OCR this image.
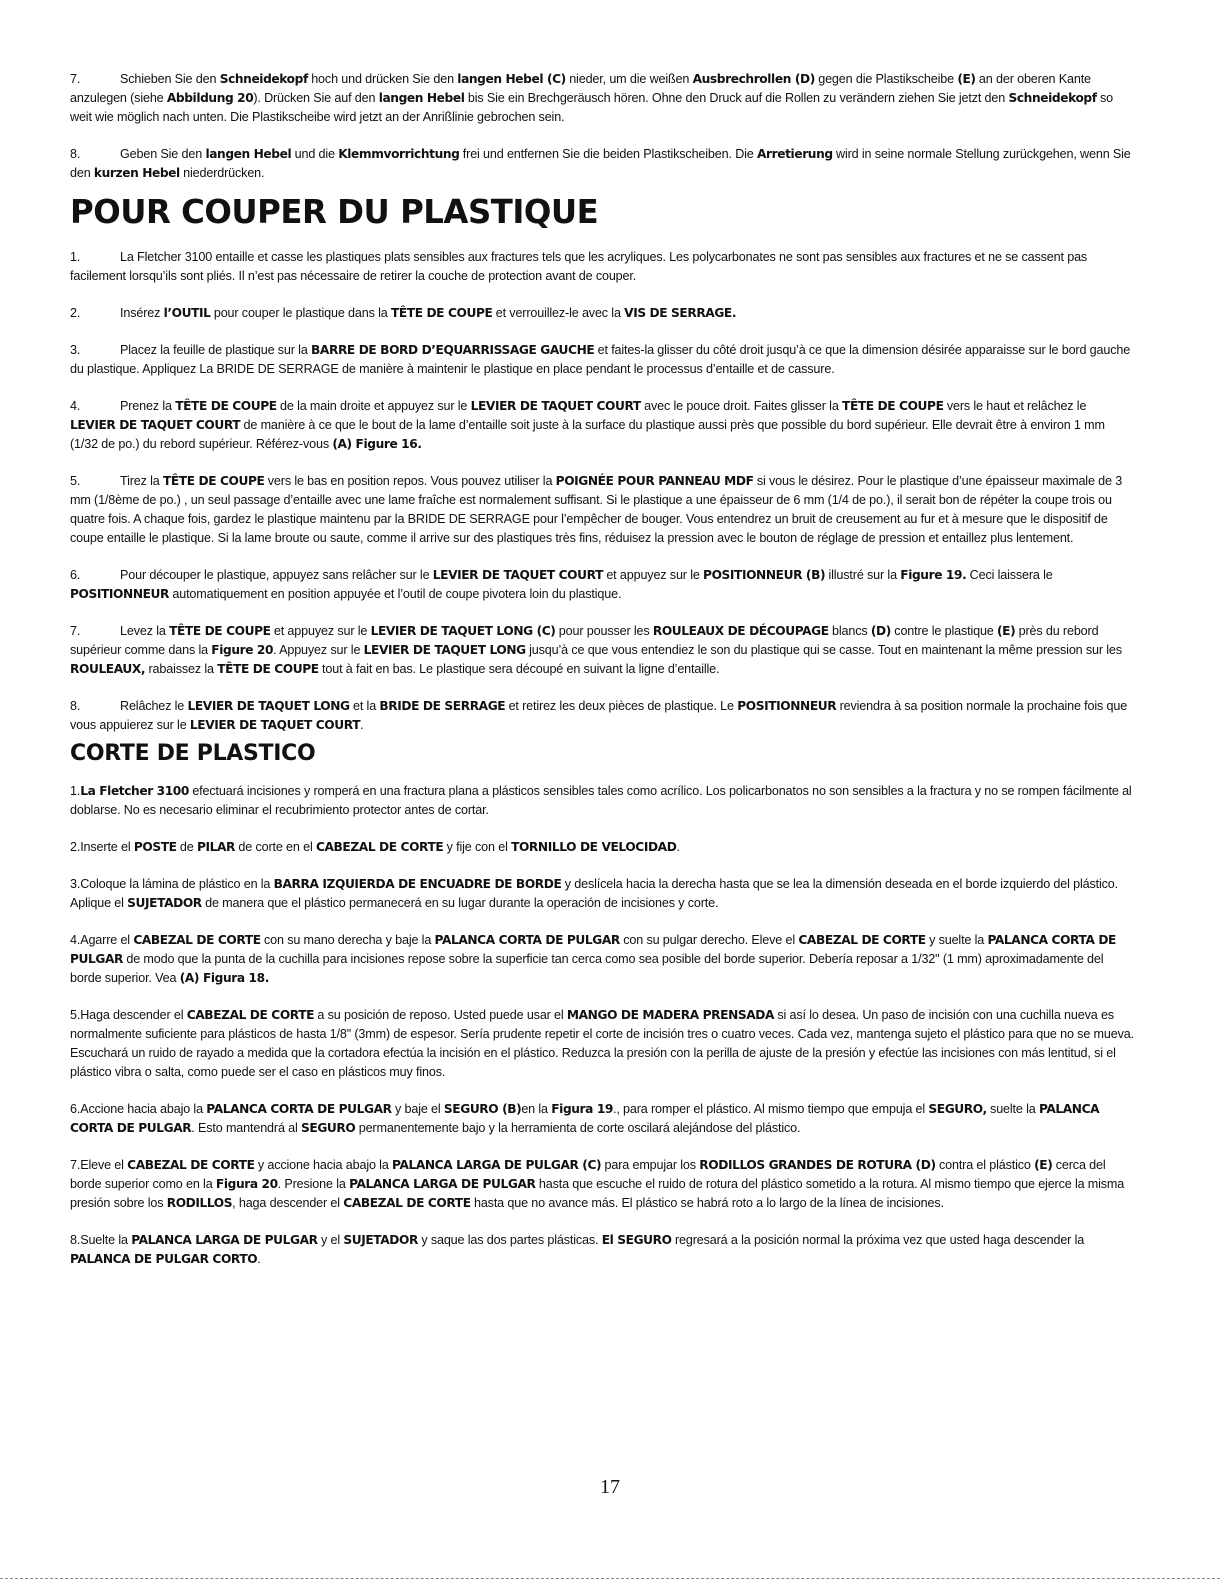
7.	Schieben Sie den Schneidekopf hoch und drücken Sie den langen Hebel (C) nieder, um die weißen Ausbrechrollen (D) gegen die Plastikscheibe (E) an der oberen Kante anzulegen (siehe Abbildung 20). Drücken Sie auf den langen Hebel bis Sie ein Brechgeräusch hören. Ohne den Druck auf die Rollen zu verändern ziehen Sie jetzt den Schneidekopf so weit wie möglich nach unten. Die Plastikscheibe wird jetzt an der Anrißlinie gebrochen sein.

8.	Geben Sie den langen Hebel und die Klemmvorrichtung frei und entfernen Sie die beiden Plastikscheiben. Die Arretierung wird in seine normale Stellung zurückgehen, wenn Sie den kurzen Hebel niederdrücken.

POUR COUPER DU PLASTIQUE

1.	La Fletcher 3100 entaille et casse les plastiques plats sensibles aux fractures tels que les acryliques. Les polycarbonates ne sont pas sensibles aux fractures et ne se cassent pas facilement lorsqu’ils sont pliés. Il n’est pas nécessaire de retirer la couche de protection avant de couper.

2.	Insérez l’OUTIL pour couper le plastique dans la TÊTE DE COUPE et verrouillez-le avec la VIS DE SERRAGE.

3.	Placez la feuille de plastique sur la BARRE DE BORD D’EQUARRISSAGE GAUCHE et faites-la glisser du côté droit jusqu’à ce que la dimension désirée apparaisse sur le bord gauche du plastique. Appliquez La BRIDE DE SERRAGE de manière à maintenir le plastique en place pendant le processus d’entaille et de cassure.

4.	Prenez la TÊTE DE COUPE de la main droite et appuyez sur le LEVIER DE TAQUET COURT avec le pouce droit. Faites glisser la TÊTE DE COUPE vers le haut et relâchez le LEVIER DE TAQUET COURT de manière à ce que le bout de la lame d’entaille soit juste à la surface du plastique aussi près que possible du bord supérieur. Elle devrait être à environ 1 mm (1/32 de po.) du rebord supérieur. Référez-vous (A) Figure 16.

5.	Tirez la TÊTE DE COUPE vers le bas en position repos. Vous pouvez utiliser la POIGNÉE POUR PANNEAU MDF si vous le désirez. Pour le plastique d’une épaisseur maximale de 3 mm (1/8ème de po.) , un seul passage d’entaille avec une lame fraîche est normalement suffisant. Si le plastique a une épaisseur de 6 mm (1/4 de po.), il serait bon de répéter la coupe trois ou quatre fois. A chaque fois, gardez le plastique maintenu par la BRIDE DE SERRAGE pour l’empêcher de bouger. Vous entendrez un bruit de creusement au fur et à mesure que le dispositif de coupe entaille le plastique. Si la lame broute ou saute, comme il arrive sur des plastiques très fins, réduisez la pression avec le bouton de réglage de pression et entaillez plus lentement.

6.	Pour découper le plastique, appuyez sans relâcher sur le LEVIER DE TAQUET COURT et appuyez sur le POSITIONNEUR (B) illustré sur la Figure 19. Ceci laissera le POSITIONNEUR automatiquement en position appuyée et l’outil de coupe pivotera loin du plastique.

7.	Levez la TÊTE DE COUPE et appuyez sur le LEVIER DE TAQUET LONG (C) pour pousser les ROULEAUX DE DÉCOUPAGE blancs (D) contre le plastique (E) près du rebord supérieur comme dans la Figure 20. Appuyez sur le LEVIER DE TAQUET LONG jusqu’à ce que vous entendiez le son du plastique qui se casse. Tout en maintenant la même pression sur les ROULEAUX, rabaissez la TÊTE DE COUPE tout à fait en bas. Le plastique sera découpé en suivant la ligne d’entaille.

8.	Relâchez le LEVIER DE TAQUET LONG et la BRIDE DE SERRAGE et retirez les deux pièces de plastique. Le POSITIONNEUR reviendra à sa position normale la prochaine fois que vous appuierez sur le LEVIER DE TAQUET COURT.

CORTE DE PLASTICO

1.La Fletcher 3100 efectuará incisiones y romperá en una fractura plana a plásticos sensibles tales como acrílico. Los policarbonatos no son sensibles a la fractura y no se rompen fácilmente al doblarse. No es necesario eliminar el recubrimiento protector antes de cortar.

2.Inserte el POSTE de PILAR de corte en el CABEZAL DE CORTE y fije con el TORNILLO DE VELOCIDAD.

3.Coloque la lámina de plástico en la BARRA IZQUIERDA DE ENCUADRE DE BORDE y deslícela hacia la derecha hasta que se lea la dimensión deseada en el borde izquierdo del plástico. Aplique el SUJETADOR de manera que el plástico permanecerá en su lugar durante la operación de incisiones y corte.

4.Agarre el CABEZAL DE CORTE con su mano derecha y baje la PALANCA CORTA DE PULGAR con su pulgar derecho. Eleve el CABEZAL DE CORTE y suelte la PALANCA CORTA DE PULGAR de modo que la punta de la cuchilla para incisiones repose sobre la superficie tan cerca como sea posible del borde superior. Debería reposar a 1/32" (1 mm) aproximadamente del borde superior. Vea (A) Figura 18.

5.Haga descender el CABEZAL DE CORTE a su posición de reposo. Usted puede usar el MANGO DE MADERA PRENSADA si así lo desea. Un paso de incisión con una cuchilla nueva es normalmente suficiente para plásticos de hasta 1/8" (3mm) de espesor. Sería prudente repetir el corte de incisión tres o cuatro veces. Cada vez, mantenga sujeto el plástico para que no se mueva. Escuchará un ruido de rayado a medida que la cortadora efectúa la incisión en el plástico. Reduzca la presión con la perilla de ajuste de la presión y efectúe las incisiones con más lentitud, si el plástico vibra o salta, como puede ser el caso en plásticos muy finos.

6.Accione hacia abajo la PALANCA CORTA DE PULGAR y baje el SEGURO (B)en la Figura 19., para romper el plástico. Al mismo tiempo que empuja el SEGURO, suelte la PALANCA CORTA DE PULGAR. Esto mantendrá al SEGURO permanentemente bajo y la herramienta de corte oscilará alejándose del plástico.

7.Eleve el CABEZAL DE CORTE y accione hacia abajo la PALANCA LARGA DE PULGAR (C) para empujar los RODILLOS GRANDES DE ROTURA (D) contra el plástico (E) cerca del borde superior como en la Figura 20. Presione la PALANCA LARGA DE PULGAR hasta que escuche el ruido de rotura del plástico sometido a la rotura. Al mismo tiempo que ejerce la misma presión sobre los RODILLOS, haga descender el CABEZAL DE CORTE hasta que no avance más. El plástico se habrá roto a lo largo de la línea de incisiones.

8.Suelte la PALANCA LARGA DE PULGAR y el SUJETADOR y saque las dos partes plásticas. El SEGURO regresará a la posición normal la próxima vez que usted haga descender la PALANCA DE PULGAR CORTO.

17
